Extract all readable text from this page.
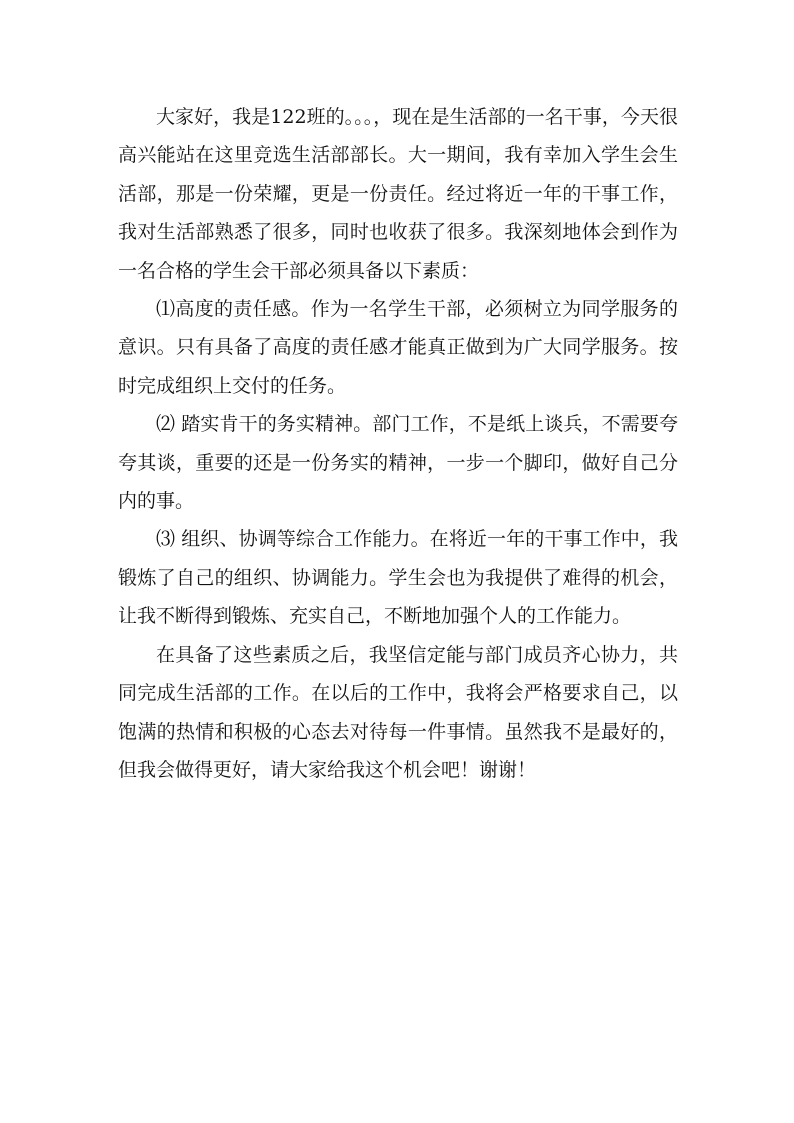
大家好，我是122班的。。。，现在是生活部的一名干事，今天很高兴能站在这里竞选生活部部长。大一期间，我有幸加入学生会生活部，那是一份荣耀，更是一份责任。经过将近一年的干事工作，我对生活部熟悉了很多，同时也收获了很多。我深刻地体会到作为一名合格的学生会干部必须具备以下素质：

⑴高度的责任感。作为一名学生干部，必须树立为同学服务的意识。只有具备了高度的责任感才能真正做到为广大同学服务。按时完成组织上交付的任务。

⑵ 踏实肯干的务实精神。部门工作，不是纸上谈兵，不需要夸夸其谈，重要的还是一份务实的精神，一步一个脚印，做好自己分内的事。

⑶ 组织、协调等综合工作能力。在将近一年的干事工作中，我锻炼了自己的组织、协调能力。学生会也为我提供了难得的机会，让我不断得到锻炼、充实自己，不断地加强个人的工作能力。

在具备了这些素质之后，我坚信定能与部门成员齐心协力，共同完成生活部的工作。在以后的工作中，我将会严格要求自己，以饱满的热情和积极的心态去对待每一件事情。虽然我不是最好的，但我会做得更好，请大家给我这个机会吧！谢谢！
